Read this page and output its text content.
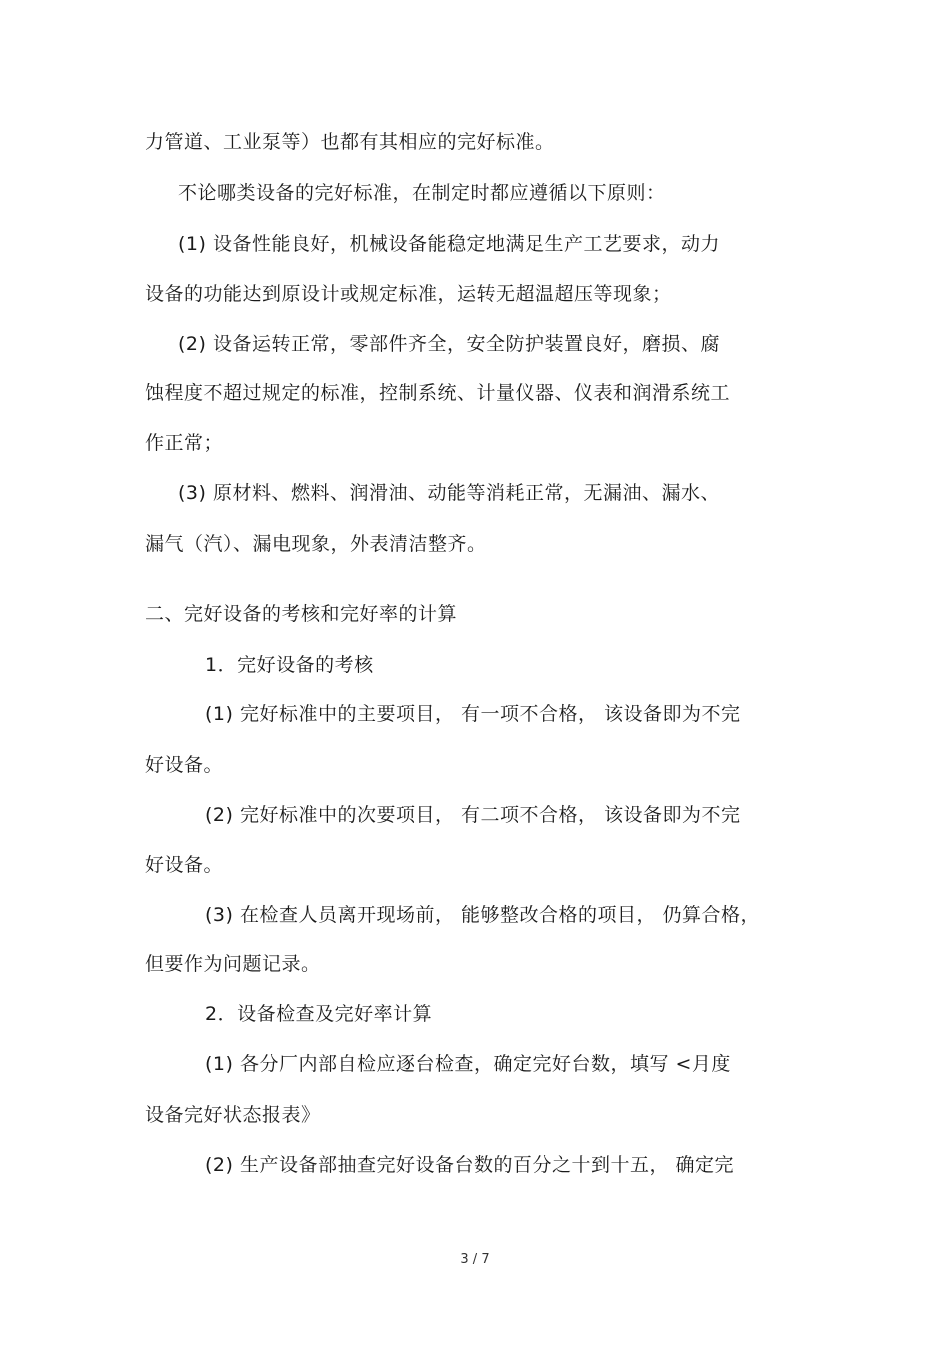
力管道、工业泵等）也都有其相应的完好标准。
不论哪类设备的完好标准，在制定时都应遵循以下原则：
(1) 设备性能良好，机械设备能稳定地满足生产工艺要求，动力
设备的功能达到原设计或规定标准，运转无超温超压等现象；
(2) 设备运转正常，零部件齐全，安全防护装置良好，磨损、腐
蚀程度不超过规定的标准，控制系统、计量仪器、仪表和润滑系统工
作正常；
(3) 原材料、燃料、润滑油、动能等消耗正常，无漏油、漏水、
漏气（汽）、漏电现象，外表清洁整齐。
二、完好设备的考核和完好率的计算
1．完好设备的考核
(1) 完好标准中的主要项目， 有一项不合格， 该设备即为不完
好设备。
(2) 完好标准中的次要项目， 有二项不合格， 该设备即为不完
好设备。
(3) 在检查人员离开现场前， 能够整改合格的项目， 仍算合格，
但要作为问题记录。
2．设备检查及完好率计算
(1) 各分厂内部自检应逐台检查，确定完好台数，填写 <月度
设备完好状态报表》
(2) 生产设备部抽查完好设备台数的百分之十到十五， 确定完
3 / 7
